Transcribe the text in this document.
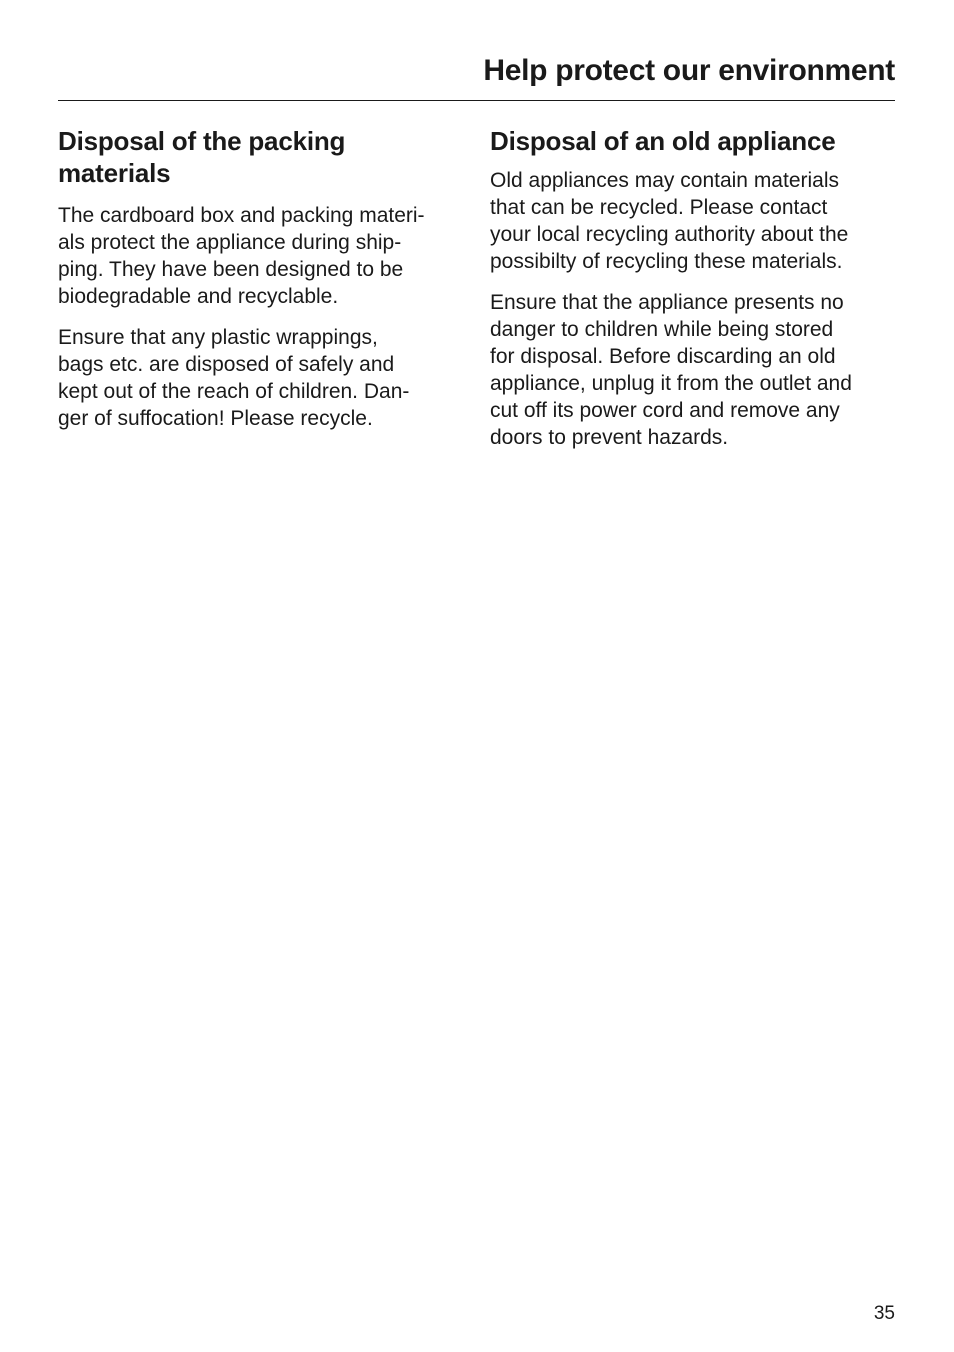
Help protect our environment
Disposal of the packing
materials

The cardboard box and packing materi-
als protect the appliance during ship-
ping. They have been designed to be
biodegradable and recyclable.

Ensure that any plastic wrappings,
bags etc. are disposed of safely and
kept out of the reach of children. Dan-
ger of suffocation! Please recycle.

Disposal of an old appliance

Old appliances may contain materials
that can be recycled. Please contact
your local recycling authority about the
possibilty of recycling these materials.

Ensure that the appliance presents no
danger to children while being stored
for disposal. Before discarding an old
appliance, unplug it from the outlet and
cut off its power cord and remove any
doors to prevent hazards.

35
